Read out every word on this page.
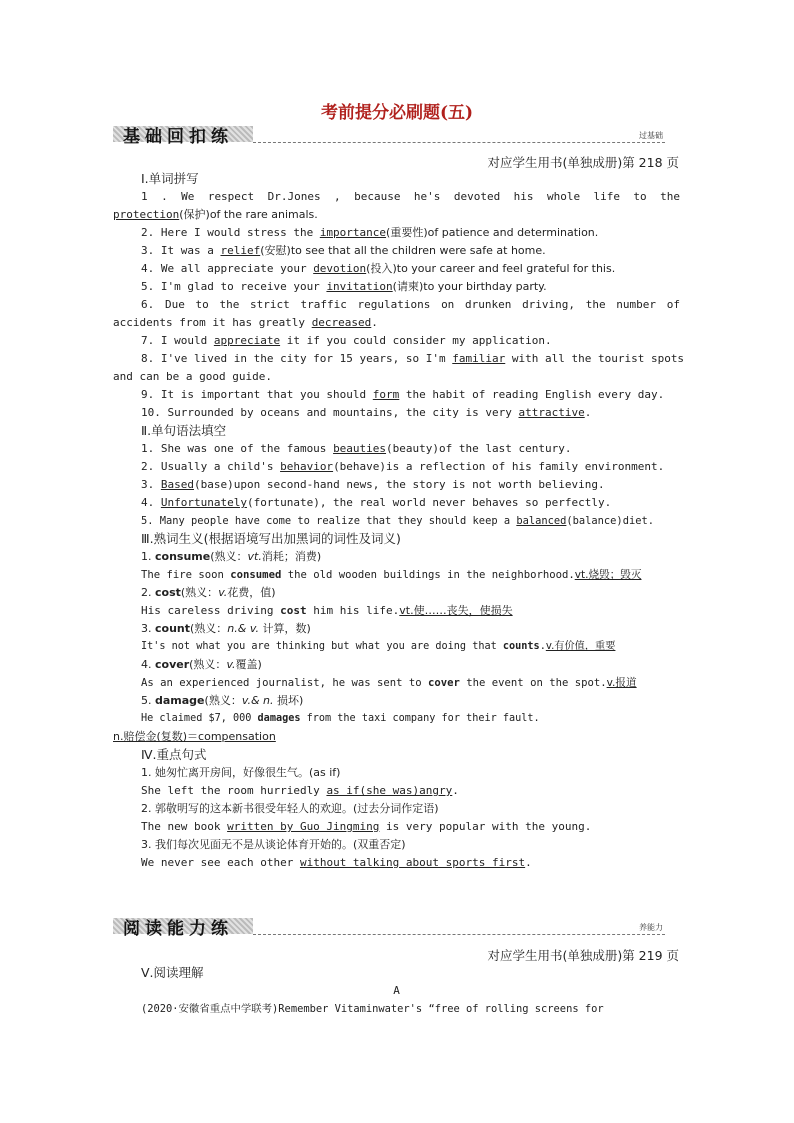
考前提分必刷题(五)
基础回扣练	过基础
对应学生用书(单独成册)第 218 页
Ⅰ.单词拼写
1 . We respect Dr.Jones , because he's devoted his whole life to the
protection(保护)of the rare animals.
2. Here I would stress the importance(重要性)of patience and determination.
3. It was a relief(安慰)to see that all the children were safe at home.
4. We all appreciate your devotion(投入)to your career and feel grateful for this.
5. I'm glad to receive your invitation(请柬)to your birthday party.
6. Due to the strict traffic regulations on drunken driving, the number of
accidents from it has greatly decreased.
7. I would appreciate it if you could consider my application.
8. I've lived in the city for 15 years, so I'm familiar with all the tourist spots
and can be a good guide.
9. It is important that you should form the habit of reading English every day.
10. Surrounded by oceans and mountains, the city is very attractive.
Ⅱ.单句语法填空
1. She was one of the famous beauties(beauty)of the last century.
2. Usually a child's behavior(behave)is a reflection of his family environment.
3. Based(base)upon second-hand news, the story is not worth believing.
4. Unfortunately(fortunate), the real world never behaves so perfectly.
5. Many people have come to realize that they should keep a balanced(balance)diet.
Ⅲ.熟词生义(根据语境写出加黑词的词性及词义)
1. consume(熟义：vt.消耗；消费)
The fire soon consumed the old wooden buildings in the neighborhood.vt.烧毁；毁灭
2. cost(熟义：v.花费，值)
His careless driving cost him his life.vt.使……丧失，使损失
3. count(熟义：n.& v. 计算，数)
It's not what you are thinking but what you are doing that counts.v.有价值，重要
4. cover(熟义：v.覆盖)
As an experienced journalist, he was sent to cover the event on the spot.v.报道
5. damage(熟义：v.& n. 损坏)
He claimed $7, 000 damages from the taxi company for their fault.
n.赔偿金(复数)＝compensation
Ⅳ.重点句式
1. 她匆忙离开房间，好像很生气。(as if)
She left the room hurriedly as if(she was)angry.
2. 郭敬明写的这本新书很受年轻人的欢迎。(过去分词作定语)
The new book written by Guo Jingming is very popular with the young.
3. 我们每次见面无不是从谈论体育开始的。(双重否定)
We never see each other without talking about sports first.
阅读能力练	养能力
对应学生用书(单独成册)第 219 页
Ⅴ.阅读理解
A
(2020·安徽省重点中学联考)Remember Vitaminwater's “free of rolling screens for
